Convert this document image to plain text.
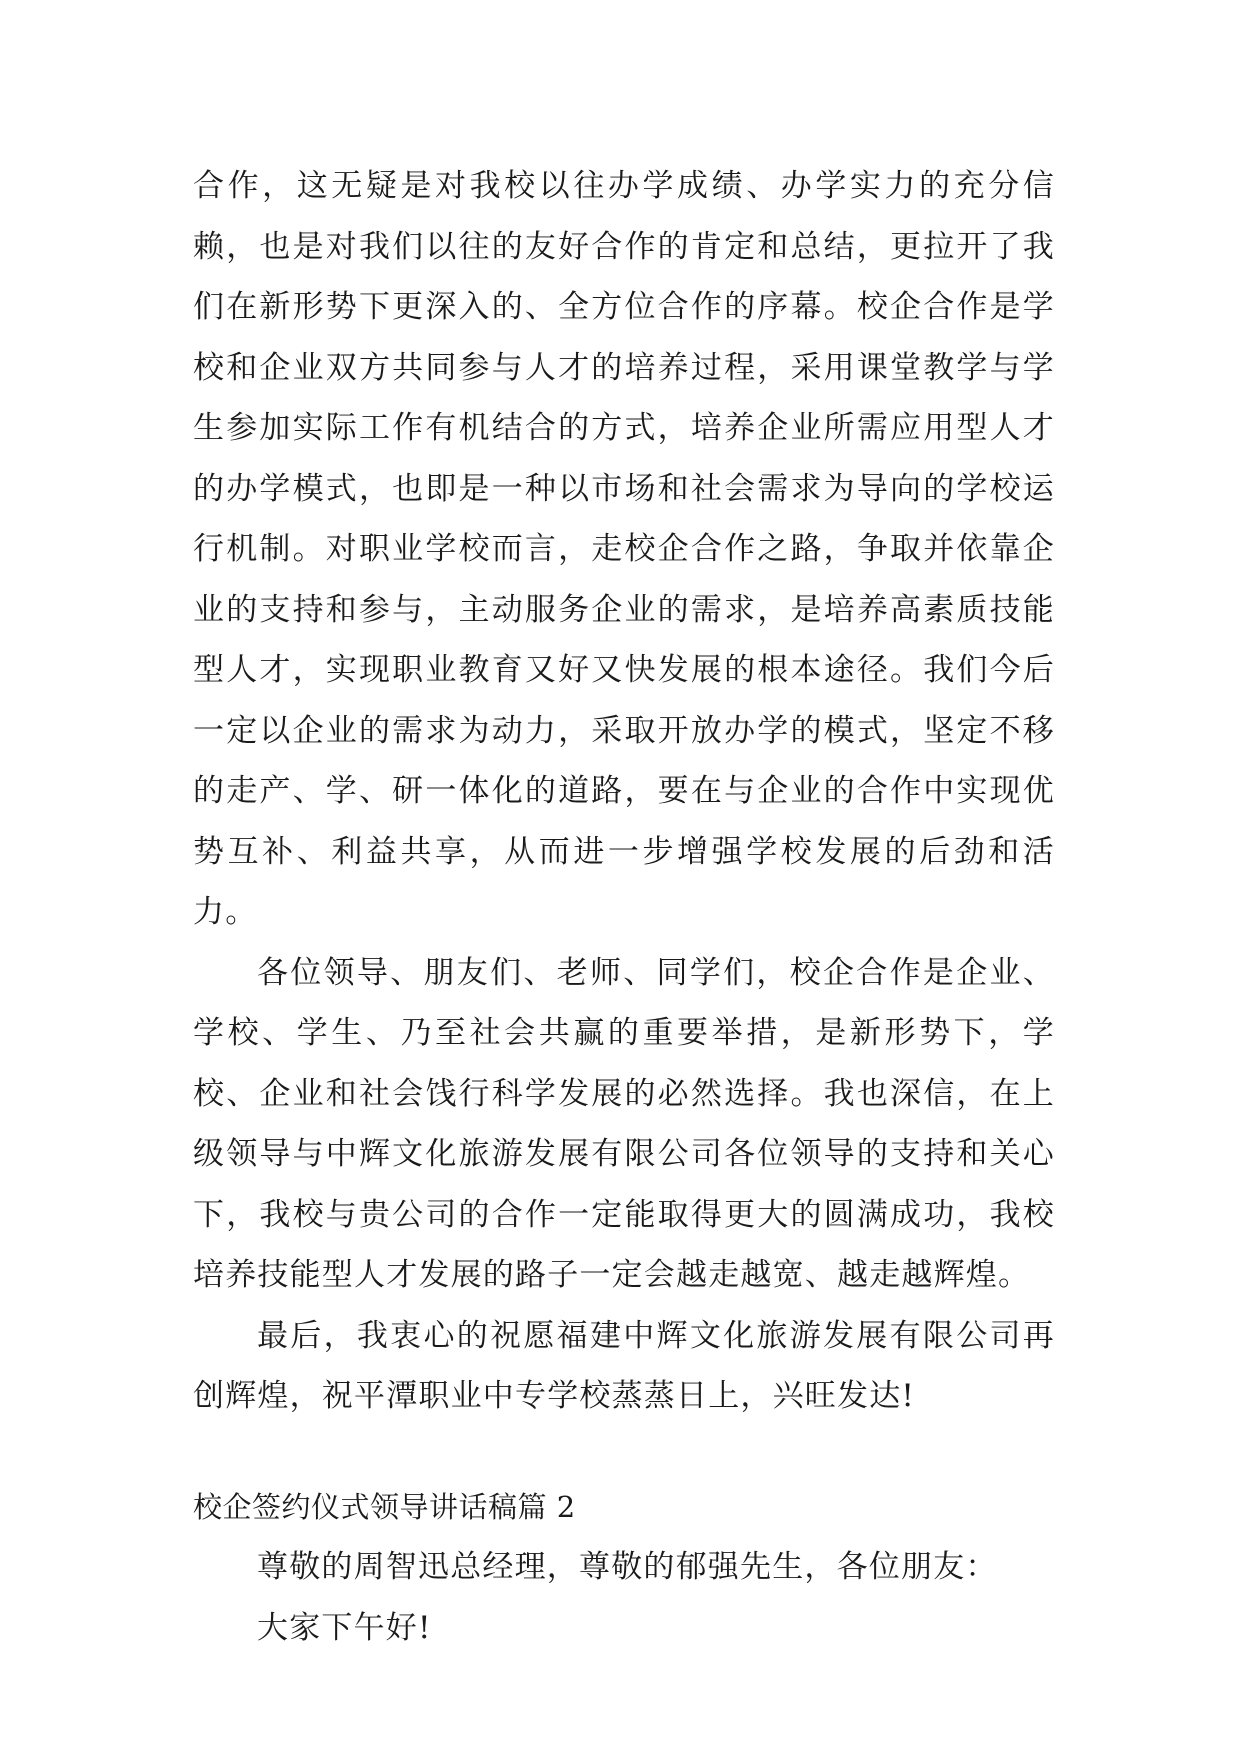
合作，这无疑是对我校以往办学成绩、办学实力的充分信赖，也是对我们以往的友好合作的肯定和总结，更拉开了我们在新形势下更深入的、全方位合作的序幕。校企合作是学校和企业双方共同参与人才的培养过程，采用课堂教学与学生参加实际工作有机结合的方式，培养企业所需应用型人才的办学模式，也即是一种以市场和社会需求为导向的学校运行机制。对职业学校而言，走校企合作之路，争取并依靠企业的支持和参与，主动服务企业的需求，是培养高素质技能型人才，实现职业教育又好又快发展的根本途径。我们今后一定以企业的需求为动力，采取开放办学的模式，坚定不移的走产、学、研一体化的道路，要在与企业的合作中实现优势互补、利益共享，从而进一步增强学校发展的后劲和活力。

各位领导、朋友们、老师、同学们，校企合作是企业、学校、学生、乃至社会共赢的重要举措，是新形势下，学校、企业和社会饯行科学发展的必然选择。我也深信，在上级领导与中辉文化旅游发展有限公司各位领导的支持和关心下，我校与贵公司的合作一定能取得更大的圆满成功，我校培养技能型人才发展的路子一定会越走越宽、越走越辉煌。

最后，我衷心的祝愿福建中辉文化旅游发展有限公司再创辉煌，祝平潭职业中专学校蒸蒸日上，兴旺发达!

校企签约仪式领导讲话稿篇 2

尊敬的周智迅总经理，尊敬的郁强先生，各位朋友：

大家下午好!
